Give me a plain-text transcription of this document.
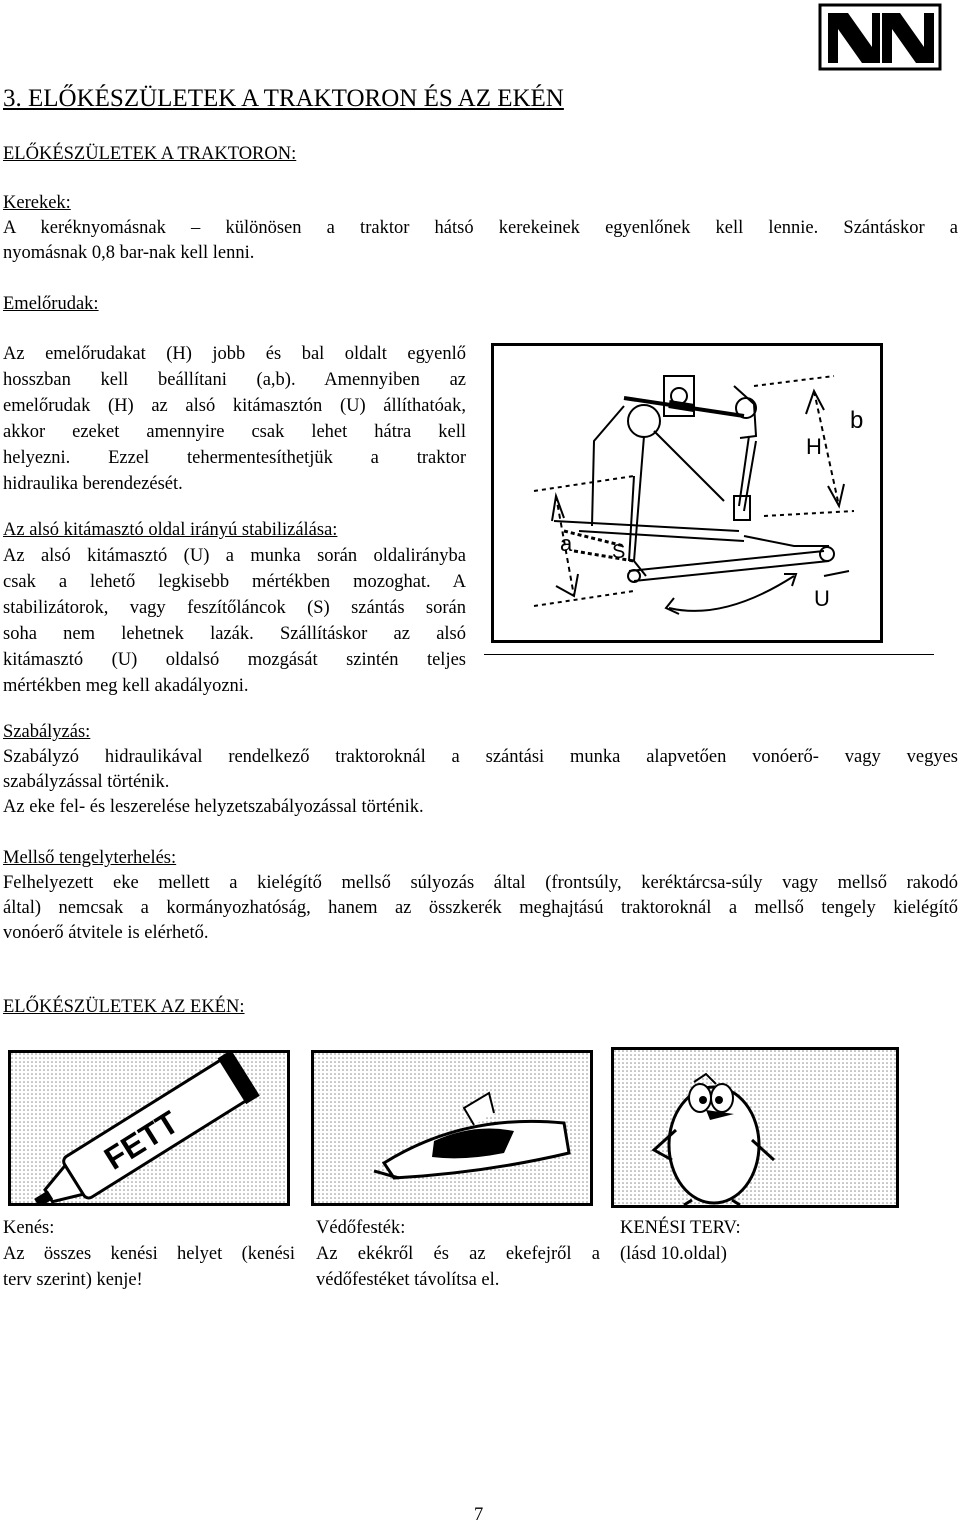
3. ELŐKÉSZÜLETEK A TRAKTORON ÉS AZ EKÉN
ELŐKÉSZÜLETEK A TRAKTORON:
Kerekek:

A keréknyomásnak – különösen a traktor hátsó kerekeinek egyenlőnek kell lennie. Szántáskor a

nyomásnak 0,8 bar-nak kell lenni.

Emelőrudak:

Az emelőrudakat (H) jobb és bal oldalt egyenlő

hosszban kell beállítani (a,b). Amennyiben az

emelőrudak (H) az alsó kitámasztón (U) állíthatóak,

akkor ezeket amennyire csak lehet hátra kell

helyezni. Ezzel tehermentesíthetjük a traktor

hidraulika berendezését.

Az alsó kitámasztó oldal irányú stabilizálása:

Az alsó kitámasztó (U) a munka során oldalirányba

csak a lehető legkisebb mértékben mozoghat. A

stabilizátorok, vagy feszítőláncok (S) szántás során

soha nem lehetnek lazák. Szállításkor az alsó

kitámasztó (U) oldalsó mozgását szintén teljes

mértékben meg kell akadályozni.

b
H
a S
U
Szabályzás:

Szabályzó hidraulikával rendelkező traktoroknál a szántási munka alapvetően vonóerő- vagy vegyes

szabályzással történik.

Az eke fel- és leszerelése helyzetszabályozással történik.

Mellső tengelyterhelés:

Felhelyezett eke mellett a kielégítő mellső súlyozás által (frontsúly, keréktárcsa-súly vagy mellső rakodó

által) nemcsak a kormányozhatóság, hanem az összkerék meghajtású traktoroknál a mellső tengely kielégítő

vonóerő átvitele is elérhető.

ELŐKÉSZÜLETEK AZ EKÉN:
FETT
Kenés:

Az összes kenési helyet (kenési

terv szerint) kenje!

Védőfesték:

Az ekékről és az ekefejről a

védőfestéket távolítsa el.

KENÉSI TERV:

(lásd 10.oldal)

7
